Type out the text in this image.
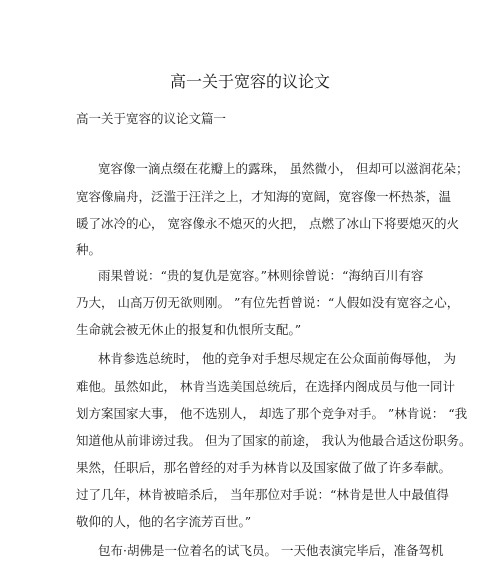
高一关于宽容的议论文
高一关于宽容的议论文篇一
宽容像一滴点缀在花瓣上的露珠， 虽然微小， 但却可以滋润花朵；
宽容像扁舟，泛滥于汪洋之上，才知海的宽阔，宽容像一杯热茶，温
暖了冰冷的心， 宽容像永不熄灭的火把， 点燃了冰山下将要熄灭的火
种。
雨果曾说：“贵的复仇是宽容。”林则徐曾说：“海纳百川有容
乃大， 山高万仞无欲则刚。 ”有位先哲曾说：“人假如没有宽容之心，
生命就会被无休止的报复和仇恨所支配。”
林肯参选总统时， 他的竞争对手想尽规定在公众面前侮辱他， 为
难他。虽然如此， 林肯当选美国总统后，在选择内阁成员与他一同计
划方案国家大事， 他不选别人， 却选了那个竞争对手。 ”林肯说： “我
知道他从前诽谤过我。 但为了国家的前途， 我认为他最合适这份职务。
果然，任职后，那名曾经的对手为林肯以及国家做了做了许多奉献。
过了几年，林肯被暗杀后， 当年那位对手说：“林肯是世人中最值得
敬仰的人，他的名字流芳百世。”
包布·胡佛是一位着名的试飞员。 一天他表演完毕后，准备驾机
